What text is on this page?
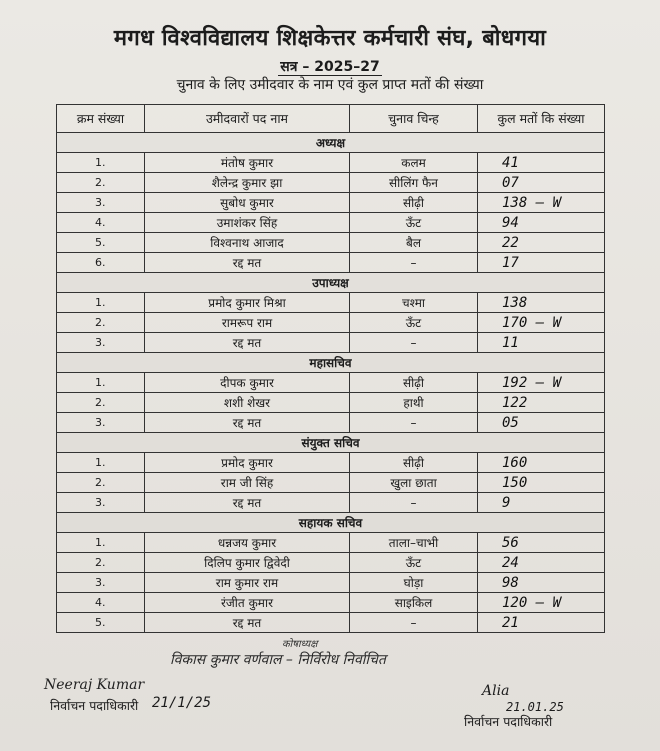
मगध विश्वविद्यालय शिक्षकेत्तर कर्मचारी संघ, बोधगया
सत्र – 2025–27
चुनाव के लिए उमीदवार के नाम एवं कुल प्राप्त मतों की संख्या
क्रम संख्या	उमीदवारों पद नाम	चुनाव चिन्ह	कुल मतों कि संख्या
अध्यक्ष			
1.	मंतोष कुमार	कलम	41
2.	शैलेन्द्र कुमार झा	सीलिंग फैन	07
3.	सुबोध कुमार	सीढ़ी	138 — W
4.	उमाशंकर सिंह	ऊँट	94
5.	विश्वनाथ आजाद	बैल	22
6.	रद्द मत	–	17
उपाध्यक्ष			
1.	प्रमोद कुमार मिश्रा	चश्मा	138
2.	रामरूप राम	ऊँट	170 — W
3.	रद्द मत	–	11
महासचिव			
1.	दीपक कुमार	सीढ़ी	192 — W
2.	शशी शेखर	हाथी	122
3.	रद्द मत	–	05
संयुक्त सचिव			
1.	प्रमोद कुमार	सीढ़ी	160
2.	राम जी सिंह	खुला छाता	150
3.	रद्द मत	–	9
सहायक सचिव			
1.	धन्नजय कुमार	ताला–चाभी	56
2.	दिलिप कुमार द्विवेदी	ऊँट	24
3.	राम कुमार राम	घोड़ा	98
4.	रंजीत कुमार	साइकिल	120 — W
5.	रद्द मत	–	21
कोषाध्यक्ष
विकास कुमार वर्णवाल – निर्विरोध निर्वाचित
Neeraj Kumar
निर्वाचन पदाधिकारी 21/1/25
Alia
21.01.25
निर्वाचन पदाधिकारी
